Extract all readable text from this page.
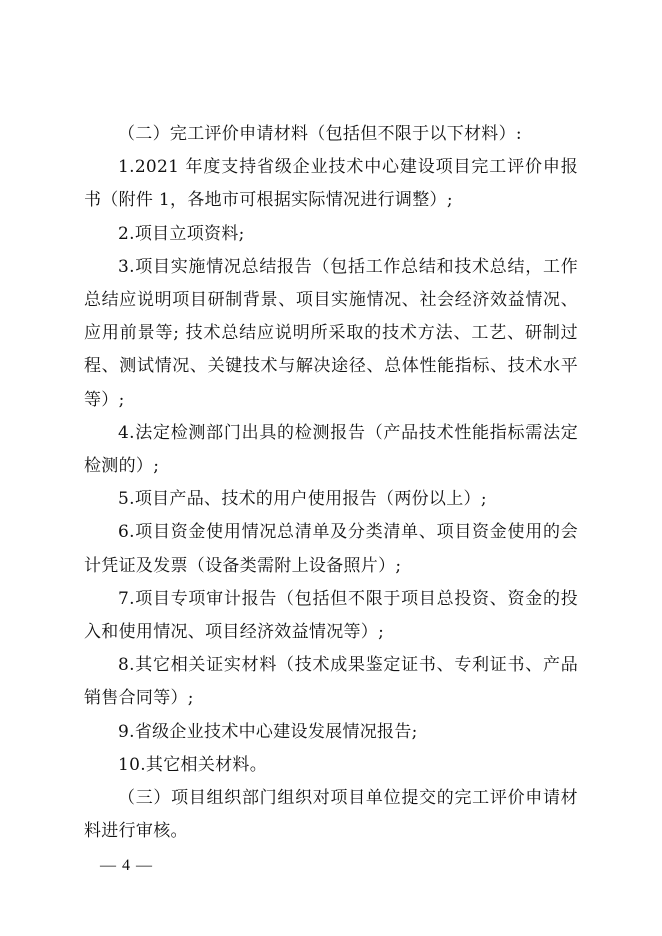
（二）完工评价申请材料（包括但不限于以下材料）:

1.2021 年度支持省级企业技术中心建设项目完工评价申报书（附件 1，各地市可根据实际情况进行调整）;

2.项目立项资料;

3.项目实施情况总结报告（包括工作总结和技术总结，工作总结应说明项目研制背景、项目实施情况、社会经济效益情况、应用前景等; 技术总结应说明所采取的技术方法、工艺、研制过程、测试情况、关键技术与解决途径、总体性能指标、技术水平等）;

4.法定检测部门出具的检测报告（产品技术性能指标需法定检测的）;

5.项目产品、技术的用户使用报告（两份以上）;

6.项目资金使用情况总清单及分类清单、项目资金使用的会计凭证及发票（设备类需附上设备照片）;

7.项目专项审计报告（包括但不限于项目总投资、资金的投入和使用情况、项目经济效益情况等）;

8.其它相关证实材料（技术成果鉴定证书、专利证书、产品销售合同等）;

9.省级企业技术中心建设发展情况报告;

10.其它相关材料。

（三）项目组织部门组织对项目单位提交的完工评价申请材料进行审核。

— 4 —
